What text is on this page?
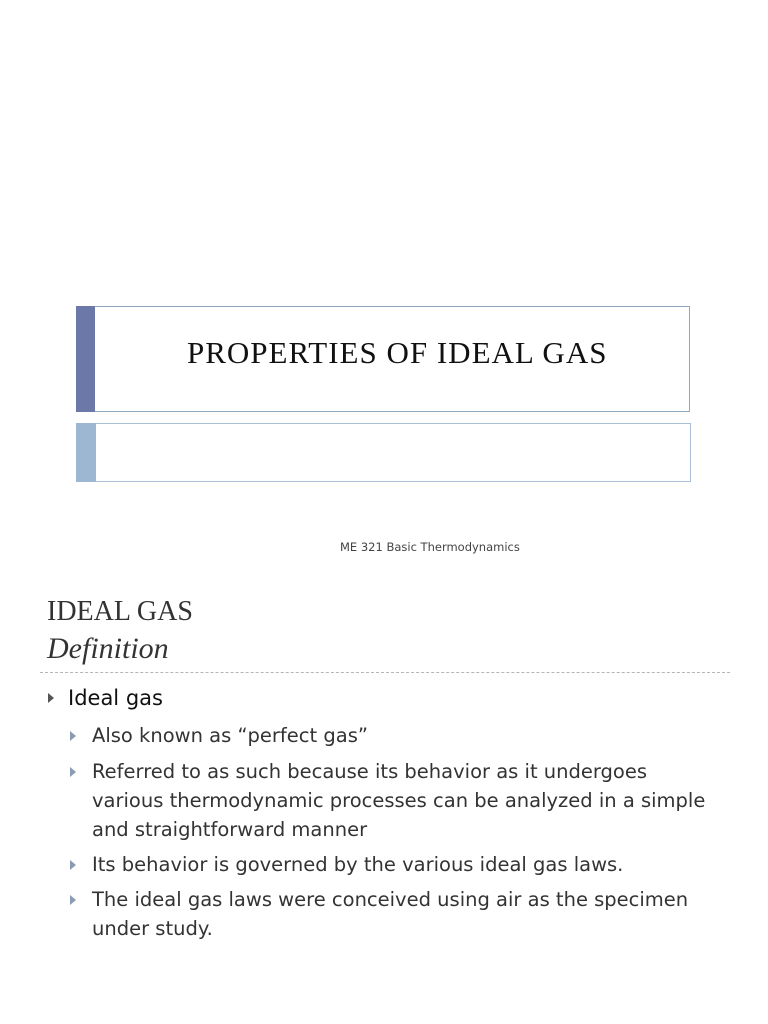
PROPERTIES OF IDEAL GAS
ME 321 Basic Thermodynamics
IDEAL GAS
Definition
Ideal gas
Also known as “perfect gas”
Referred to as such because its behavior as it undergoes various thermodynamic processes can be analyzed in a simple and straightforward manner
Its behavior is governed by the various ideal gas laws.
The ideal gas laws were conceived using air as the specimen under study.
